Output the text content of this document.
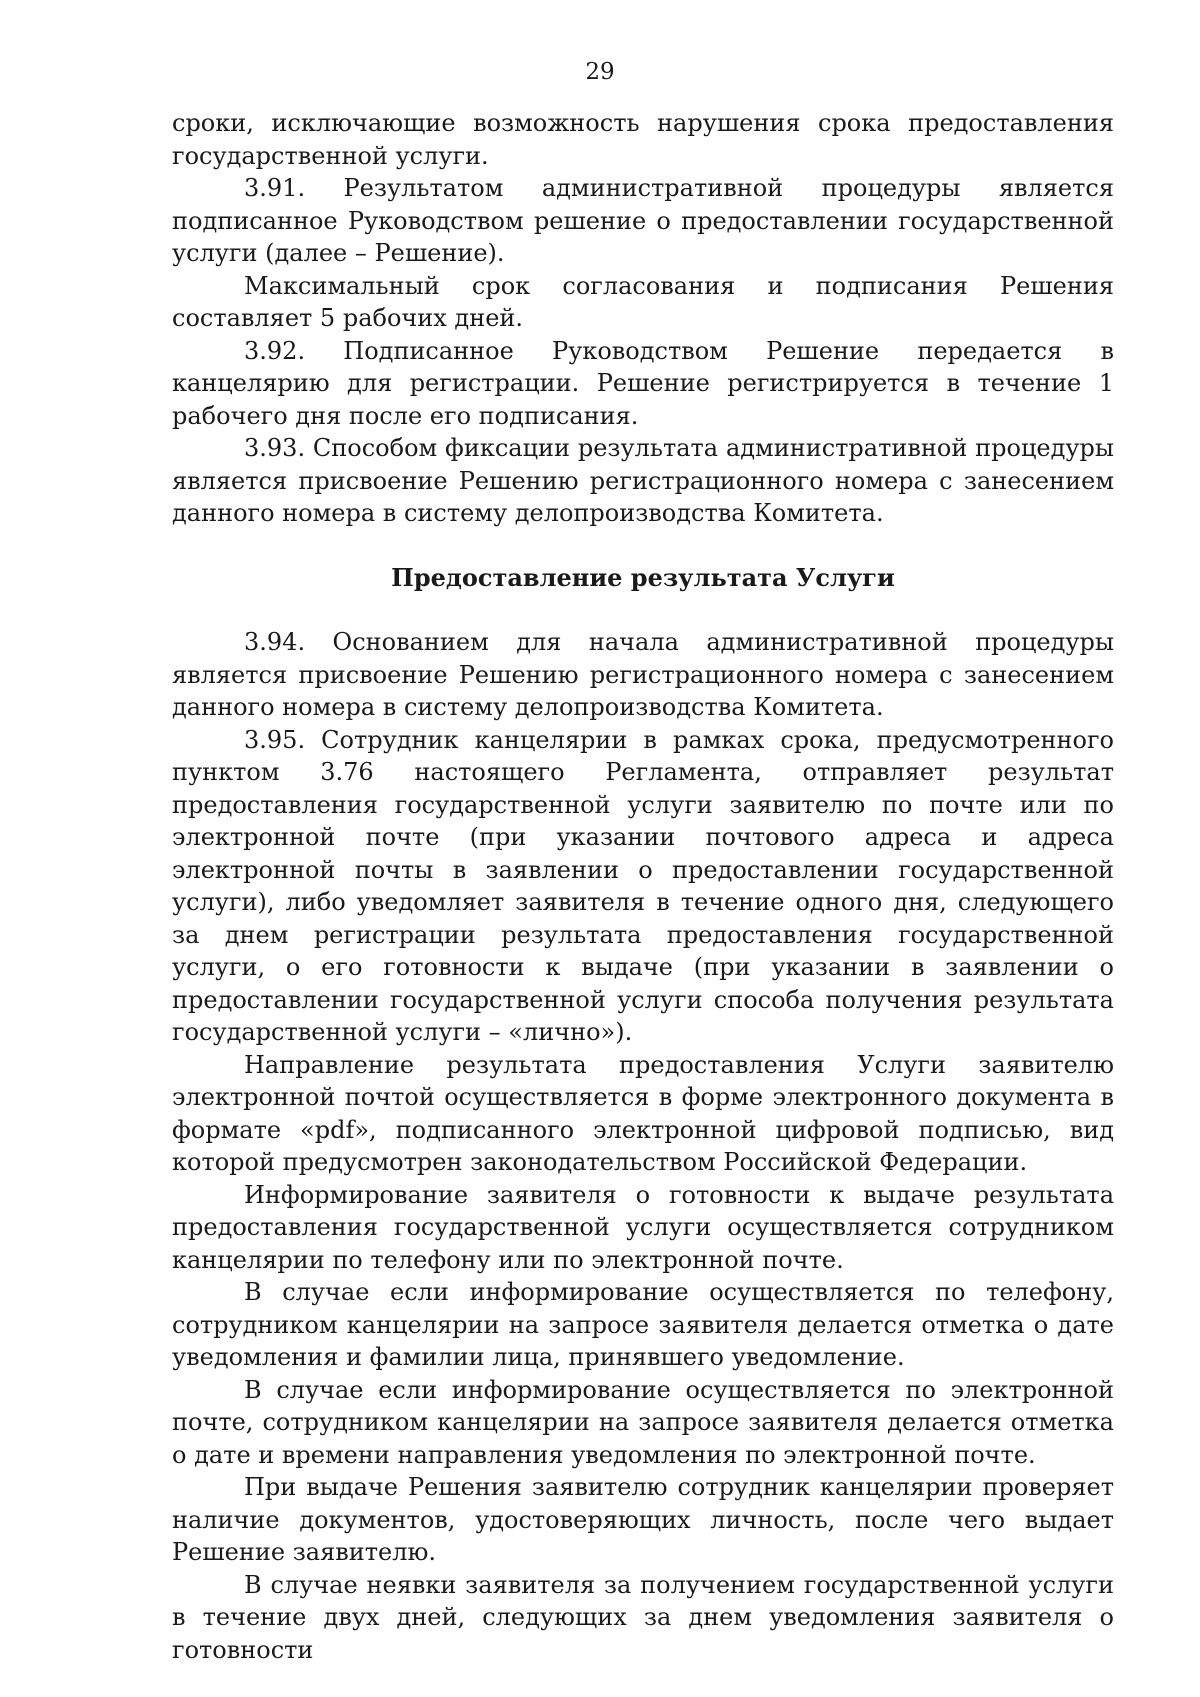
29

сроки, исключающие возможность нарушения срока предоставления государственной услуги.

3.91. Результатом административной процедуры является подписанное Руководством решение о предоставлении государственной услуги (далее – Решение).

Максимальный срок согласования и подписания Решения составляет 5 рабочих дней.

3.92. Подписанное Руководством Решение передается в канцелярию для регистрации. Решение регистрируется в течение 1 рабочего дня после его подписания.

3.93. Способом фиксации результата административной процедуры является присвоение Решению регистрационного номера с занесением данного номера в систему делопроизводства Комитета.

Предоставление результата Услуги

3.94. Основанием для начала административной процедуры является присвоение Решению регистрационного номера с занесением данного номера в систему делопроизводства Комитета.

3.95. Сотрудник канцелярии в рамках срока, предусмотренного пунктом 3.76 настоящего Регламента, отправляет результат предоставления государственной услуги заявителю по почте или по электронной почте (при указании почтового адреса и адреса электронной почты в заявлении о предоставлении государственной услуги), либо уведомляет заявителя в течение одного дня, следующего за днем регистрации результата предоставления государственной услуги, о его готовности к выдаче (при указании в заявлении о предоставлении государственной услуги способа получения результата государственной услуги – «лично»).

Направление результата предоставления Услуги заявителю электронной почтой осуществляется в форме электронного документа в формате «pdf», подписанного электронной цифровой подписью, вид которой предусмотрен законодательством Российской Федерации.

Информирование заявителя о готовности к выдаче результата предоставления государственной услуги осуществляется сотрудником канцелярии по телефону или по электронной почте.

В случае если информирование осуществляется по телефону, сотрудником канцелярии на запросе заявителя делается отметка о дате уведомления и фамилии лица, принявшего уведомление.

В случае если информирование осуществляется по электронной почте, сотрудником канцелярии на запросе заявителя делается отметка о дате и времени направления уведомления по электронной почте.

При выдаче Решения заявителю сотрудник канцелярии проверяет наличие документов, удостоверяющих личность, после чего выдает Решение заявителю.

В случае неявки заявителя за получением государственной услуги в течение двух дней, следующих за днем уведомления заявителя о готовности
